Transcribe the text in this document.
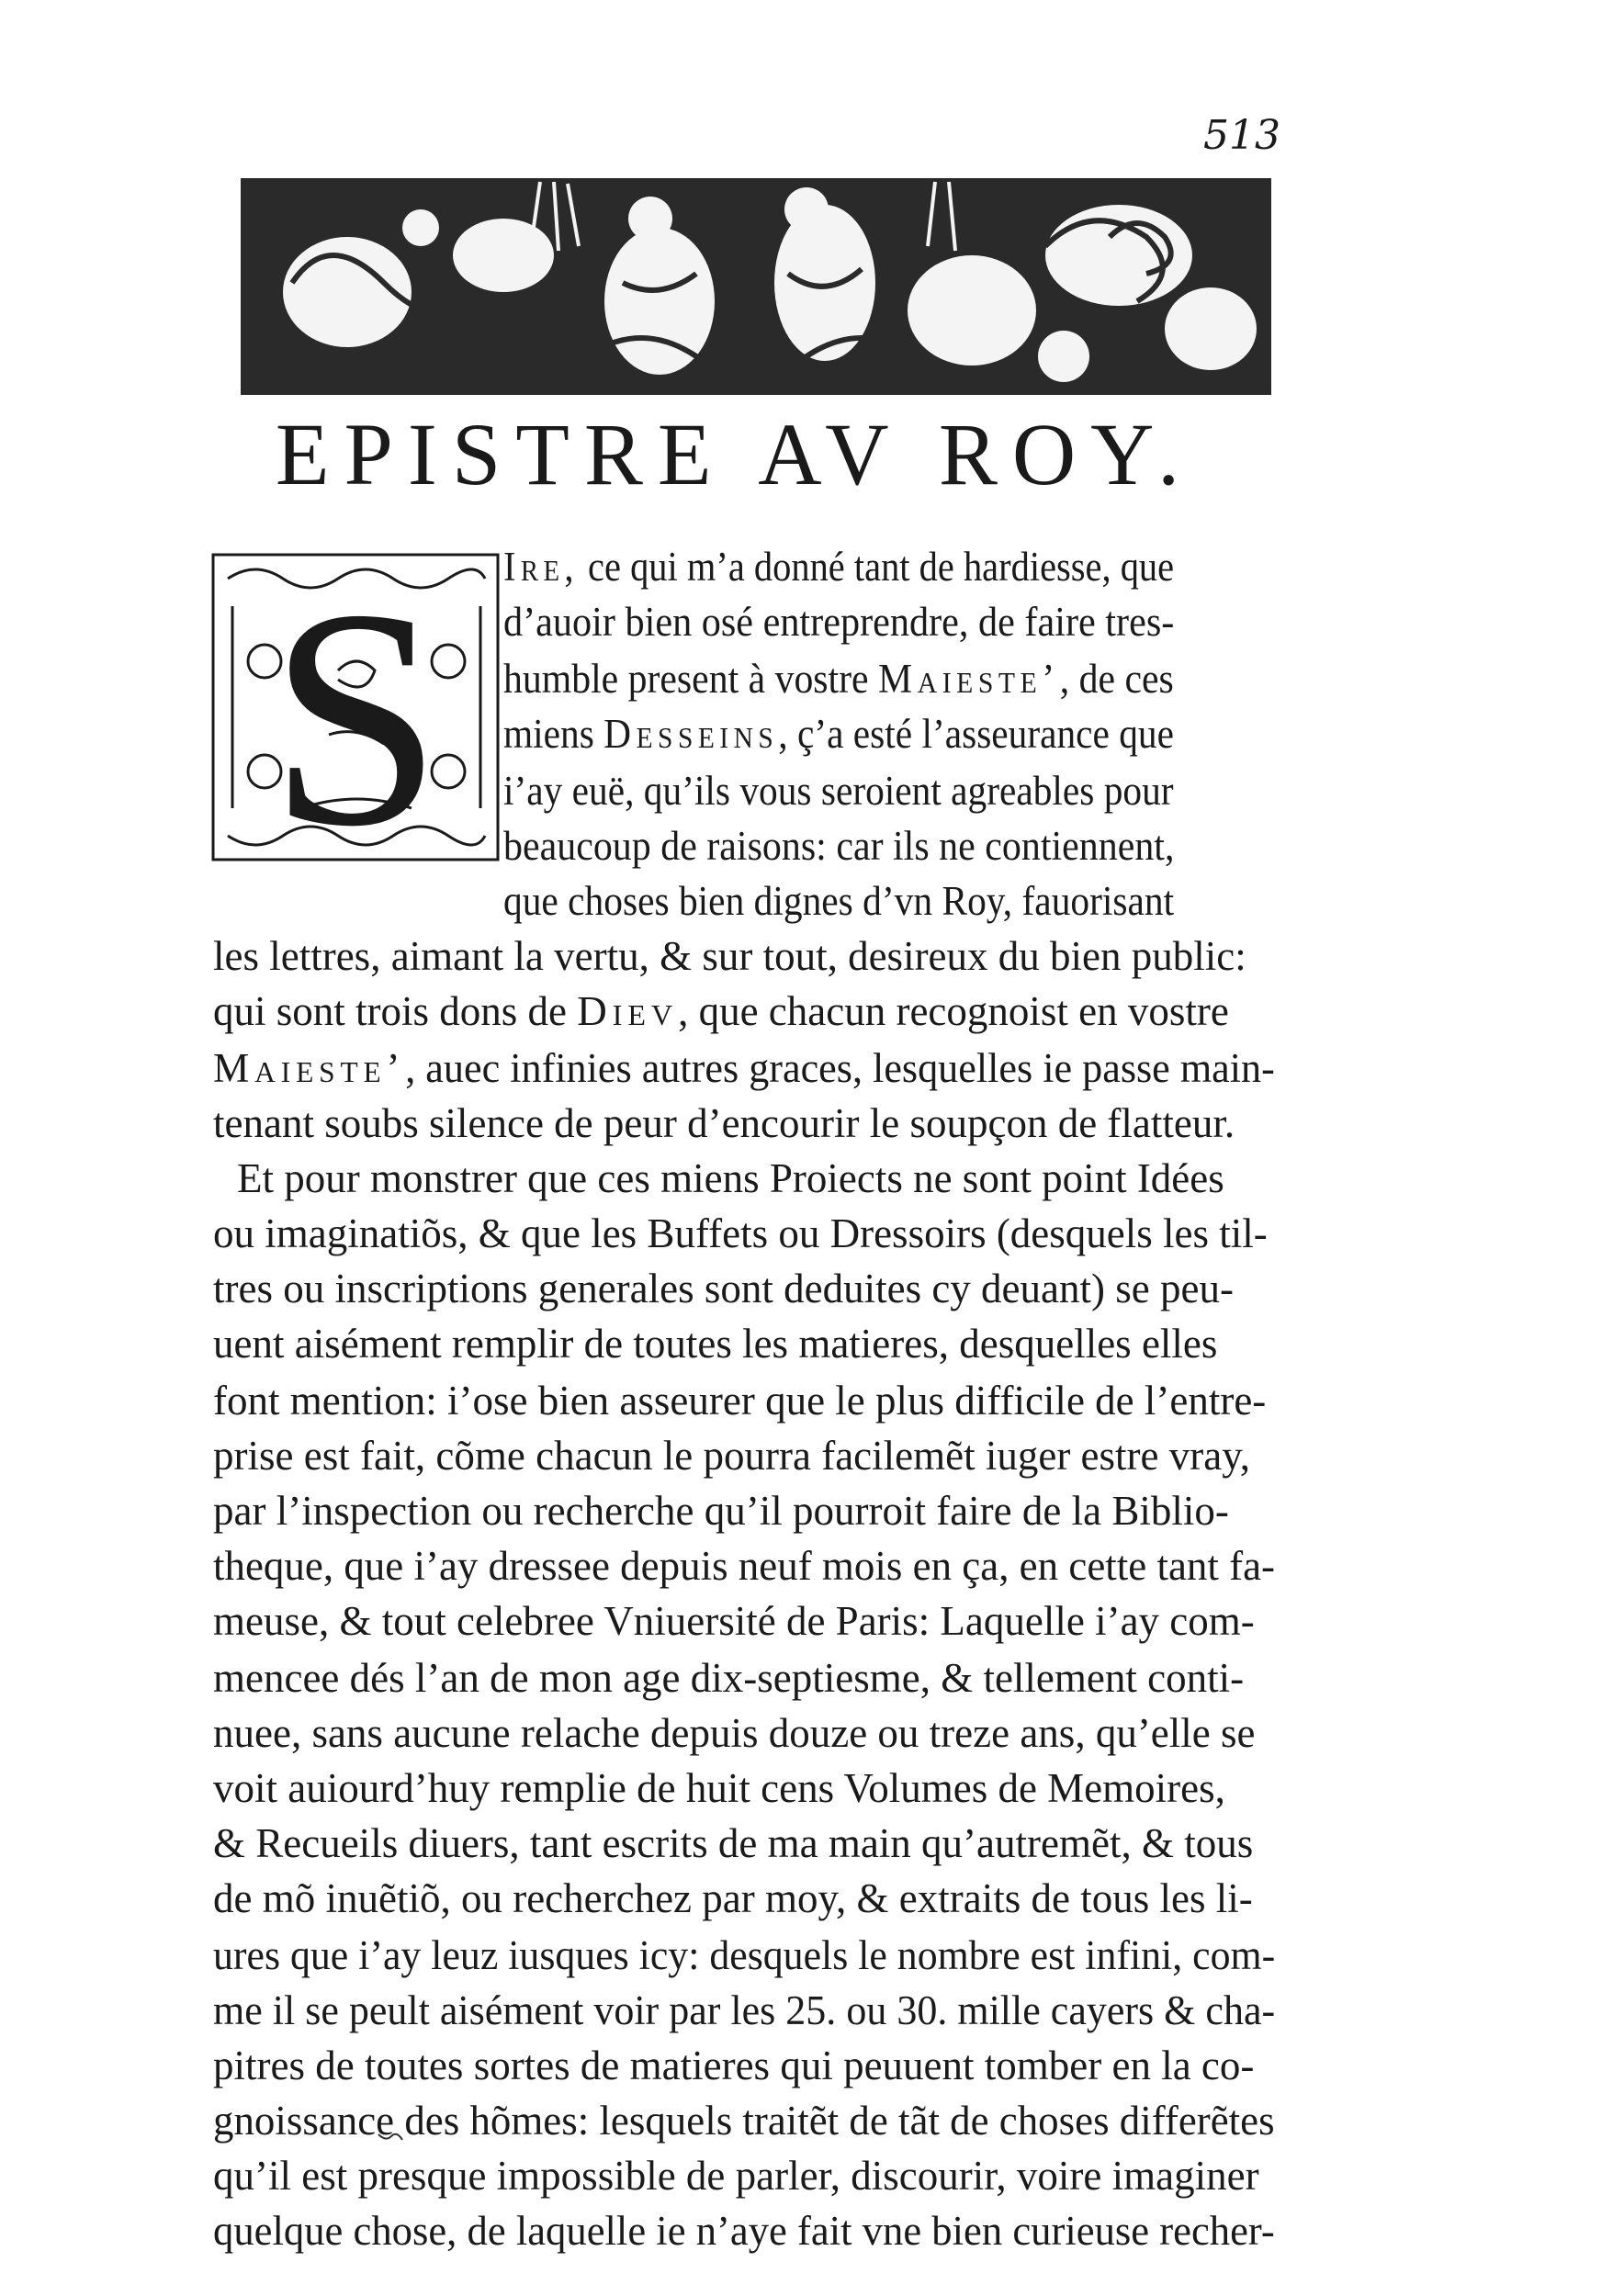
513
EPISTRE AV ROY.
S Ire, ce qui m’a donné tant de hardiesse, que
d’auoir bien osé entreprendre, de faire tres-
humble present à vostre Maieste’, de ces
miens Desseins, ç’a esté l’asseurance que
i’ay euë, qu’ils vous seroient agreables pour
beaucoup de raisons: car ils ne contiennent,
que choses bien dignes d’vn Roy, fauorisant
les lettres, aimant la vertu, & sur tout, desireux du bien public:
qui sont trois dons de Diev, que chacun recognoist en vostre
Maieste’, auec infinies autres graces, lesquelles ie passe main-
tenant soubs silence de peur d’encourir le soupçon de flatteur.
Et pour monstrer que ces miens Proiects ne sont point Idées
ou imaginatiõs, & que les Buffets ou Dressoirs (desquels les til-
tres ou inscriptions generales sont deduites cy deuant) se peu-
uent aisément remplir de toutes les matieres, desquelles elles
font mention: i’ose bien asseurer que le plus difficile de l’entre-
prise est fait, cõme chacun le pourra facilemẽt iuger estre vray,
par l’inspection ou recherche qu’il pourroit faire de la Biblio-
theque, que i’ay dressee depuis neuf mois en ça, en cette tant fa-
meuse, & tout celebree Vniuersité de Paris: Laquelle i’ay com-
mencee dés l’an de mon age dix-septiesme, & tellement conti-
nuee, sans aucune relache depuis douze ou treze ans, qu’elle se
voit auiourd’huy remplie de huit cens Volumes de Memoires,
& Recueils diuers, tant escrits de ma main qu’autremẽt, & tous
de mõ inuẽtiõ, ou recherchez par moy, & extraits de tous les li-
ures que i’ay leuz iusques icy: desquels le nombre est infini, com-
me il se peult aisément voir par les 25. ou 30. mille cayers & cha-
pitres de toutes sortes de matieres qui peuuent tomber en la co-
gnoissance des hõmes: lesquels traitẽt de tãt de choses differẽtes
qu’il est presque impossible de parler, discourir, voire imaginer
quelque chose, de laquelle ie n’aye fait vne bien curieuse recher-
